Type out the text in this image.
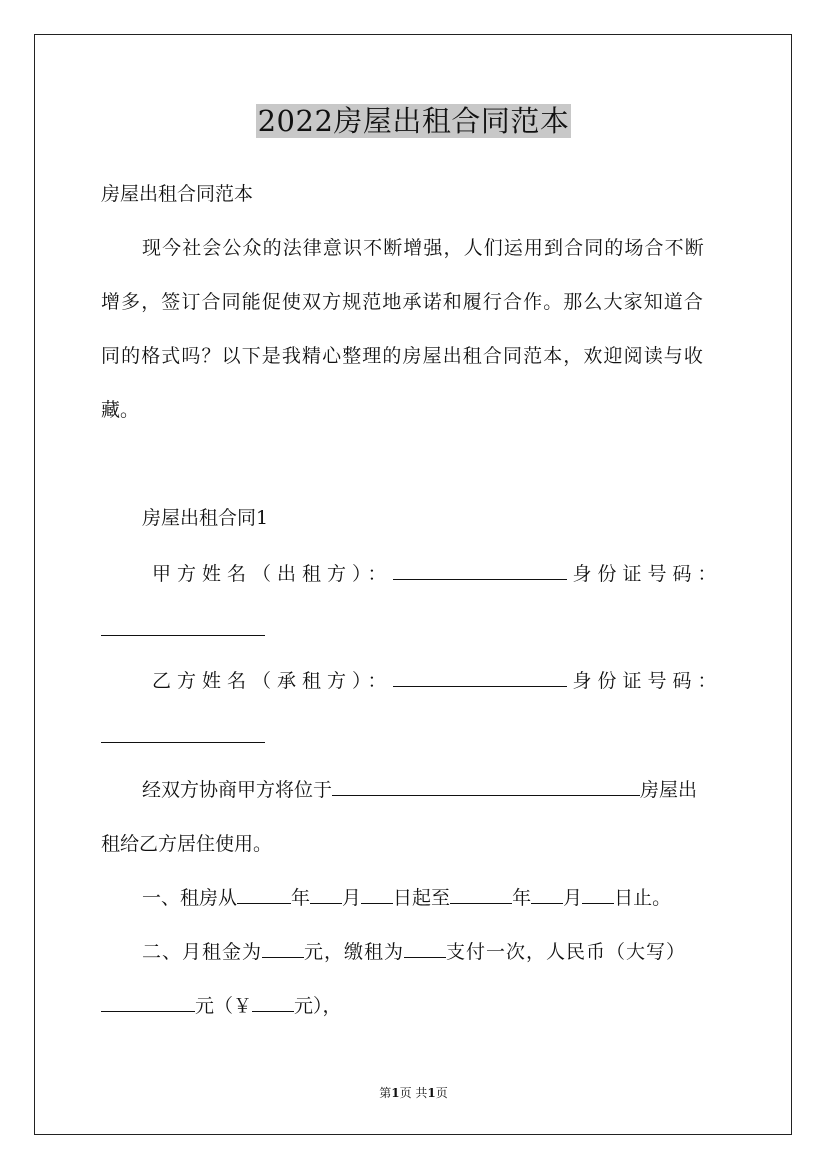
2022房屋出租合同范本
房屋出租合同范本
现今社会公众的法律意识不断增强，人们运用到合同的场合不断
增多，签订合同能促使双方规范地承诺和履行合作。那么大家知道合
同的格式吗？以下是我精心整理的房屋出租合同范本，欢迎阅读与收
藏。
房屋出租合同1
甲方姓名（出租方）：	身份证号码：
乙方姓名（承租方）：	身份证号码：
经双方协商甲方将位于	房屋出
租给乙方居住使用。
一、租房从	年 月 日起至	年 月 日止。
二、月租金为 元，缴租为 支付一次，人民币（大写）
元（￥ 元），
第1页 共1页
